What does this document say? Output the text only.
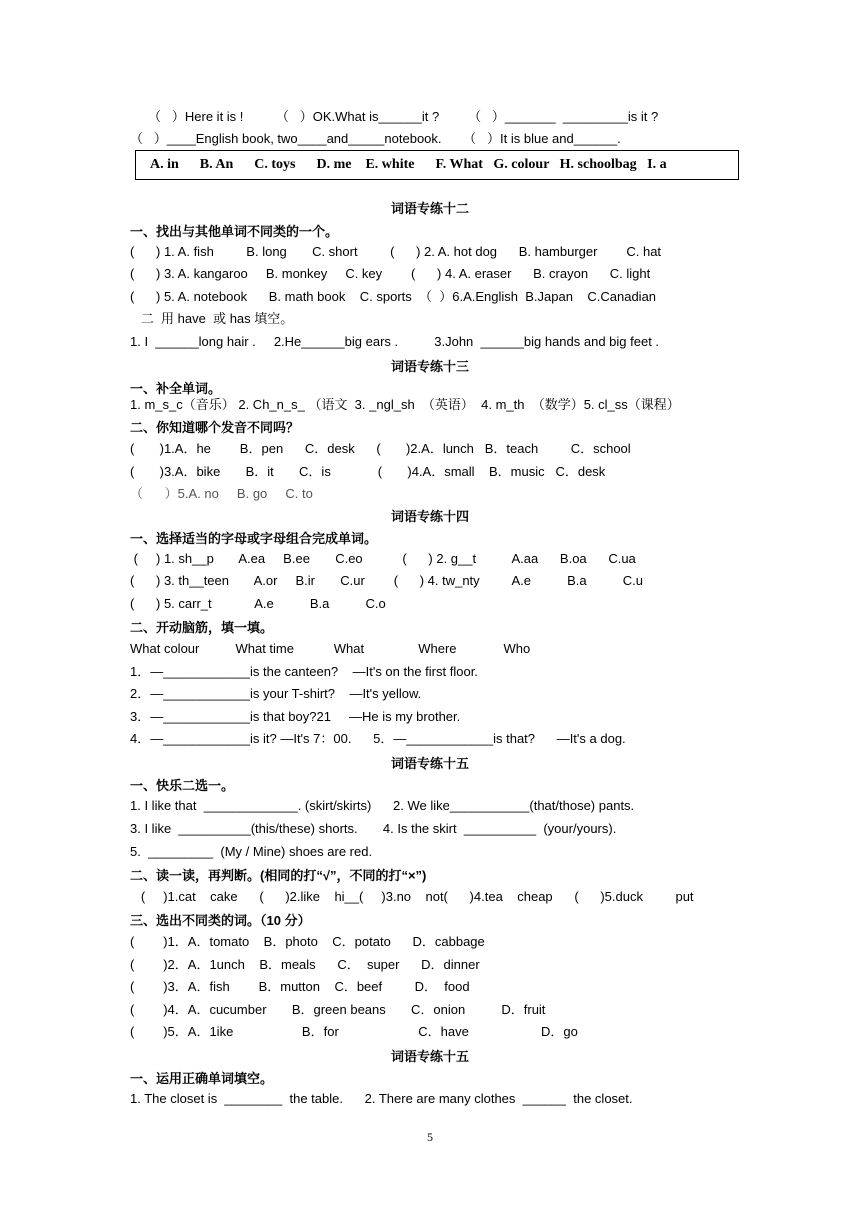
（   ）Here it is !         （   ）OK.What is______it ?        （   ）_______  _________is it ?
（   ）____English book, two____and_____notebook.      （   ）It is blue and______.
A. in      B. An      C. toys      D. me    E. white      F. What   G. colour   H. schoolbag   I. a
词语专练十二
一、找出与其他单词不同类的一个。
(      ) 1. A. fish         B. long       C. short         (      ) 2. A. hot dog      B. hamburger        C. hat
(      ) 3. A. kangaroo     B. monkey     C. key        (      ) 4. A. eraser      B. crayon      C. light
(      ) 5. A. notebook      B. math book    C. sports  （  ）6.A.English  B.Japan    C.Canadian
二  用 have  或 has 填空。
1. I  ______long hair .     2.He______big ears .          3.John  ______big hands and big feet .
词语专练十三
一、补全单词。
1. m_s_c（音乐） 2. Ch_n_s_ （语文  3. _ngl_sh  （英语）  4. m_th  （数学）5. cl_ss（课程）
二、你知道哪个发音不同吗？
(       )1.A．he        B．pen      C．desk      (       )2.A．lunch   B．teach         C．school
(       )3.A．bike       B．it       C．is             (       )4.A．small    B．music   C．desk
（      ）5.A. no     B. go     C. to
词语专练十四
一、选择适当的字母或字母组合完成单词。
(     ) 1. sh__p       A.ea     B.ee       C.eo           (      ) 2. g__t          A.aa      B.oa      C.ua
(      ) 3. th__teen       A.or     B.ir       C.ur        (      ) 4. tw_nty         A.e          B.a          C.u
(      ) 5. carr_t            A.e          B.a          C.o
二、开动脑筋，填一填。
What colour          What time           What               Where             Who
1．—____________is the canteen?    —It's on the first floor.
2．—____________is your T-shirt?    —It's yellow.
3．—____________is that boy?21     —He is my brother.
4．—____________is it? —It's 7：00.      5．—____________is that?      —It's a dog.
词语专练十五
一、快乐二选一。
1. I like that  _____________. (skirt/skirts)      2. We like___________(that/those) pants.
3. I like  __________(this/these) shorts.       4. Is the skirt  __________  (your/yours).
5.  _________  (My / Mine) shoes are red.
二、读一读，再判断。(相同的打“√”，不同的打“×”)
(     )1.cat    cake      (      )2.like    hi__(     )3.no    not(      )4.tea    cheap      (      )5.duck         put
三、选出不同类的词。（10 分）
(        )1．A．tomato    B．photo    C．potato      D．cabbage
(        )2．A．1unch    B．meals      C．  super      D．dinner
(        )3．A．fish        B．mutton    C．beef         D．  food
(        )4．A．cucumber       B．green beans       C．onion          D．fruit
(        )5．A．1ike                   B．for                      C．have                    D．go
词语专练十五
一、运用正确单词填空。
1. The closet is  ________  the table.      2. There are many clothes  ______  the closet.
5
